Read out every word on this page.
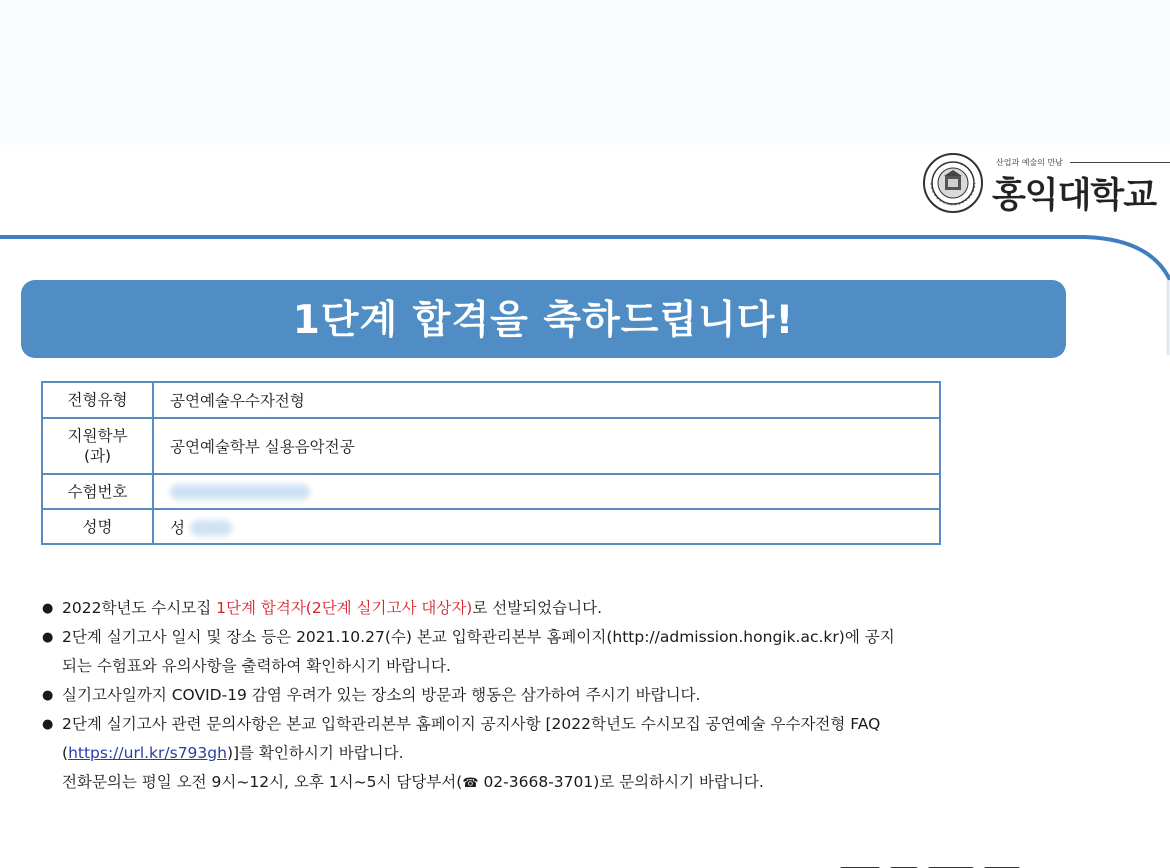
산업과 예술의 만남
홍익대학교
1단계 합격을 축하드립니다!
전형유형	공연예술우수자전형

지원학부
(과)	공연예술학부 실용음악전공
수험번호	
성명	성
● 2022학년도 수시모집 1단계 합격자(2단계 실기고사 대상자)로 선발되었습니다.
● 2단계 실기고사 일시 및 장소 등은 2021.10.27(수) 본교 입학관리본부 홈페이지(http://admission.hongik.ac.kr)에 공지
되는 수험표와 유의사항을 출력하여 확인하시기 바랍니다.
● 실기고사일까지 COVID-19 감염 우려가 있는 장소의 방문과 행동은 삼가하여 주시기 바랍니다.
● 2단계 실기고사 관련 문의사항은 본교 입학관리본부 홈페이지 공지사항 [2022학년도 수시모집 공연예술 우수자전형 FAQ
(https://url.kr/s793gh)]를 확인하시기 바랍니다.
전화문의는 평일 오전 9시~12시, 오후 1시~5시 담당부서(☎ 02-3668-3701)로 문의하시기 바랍니다.
